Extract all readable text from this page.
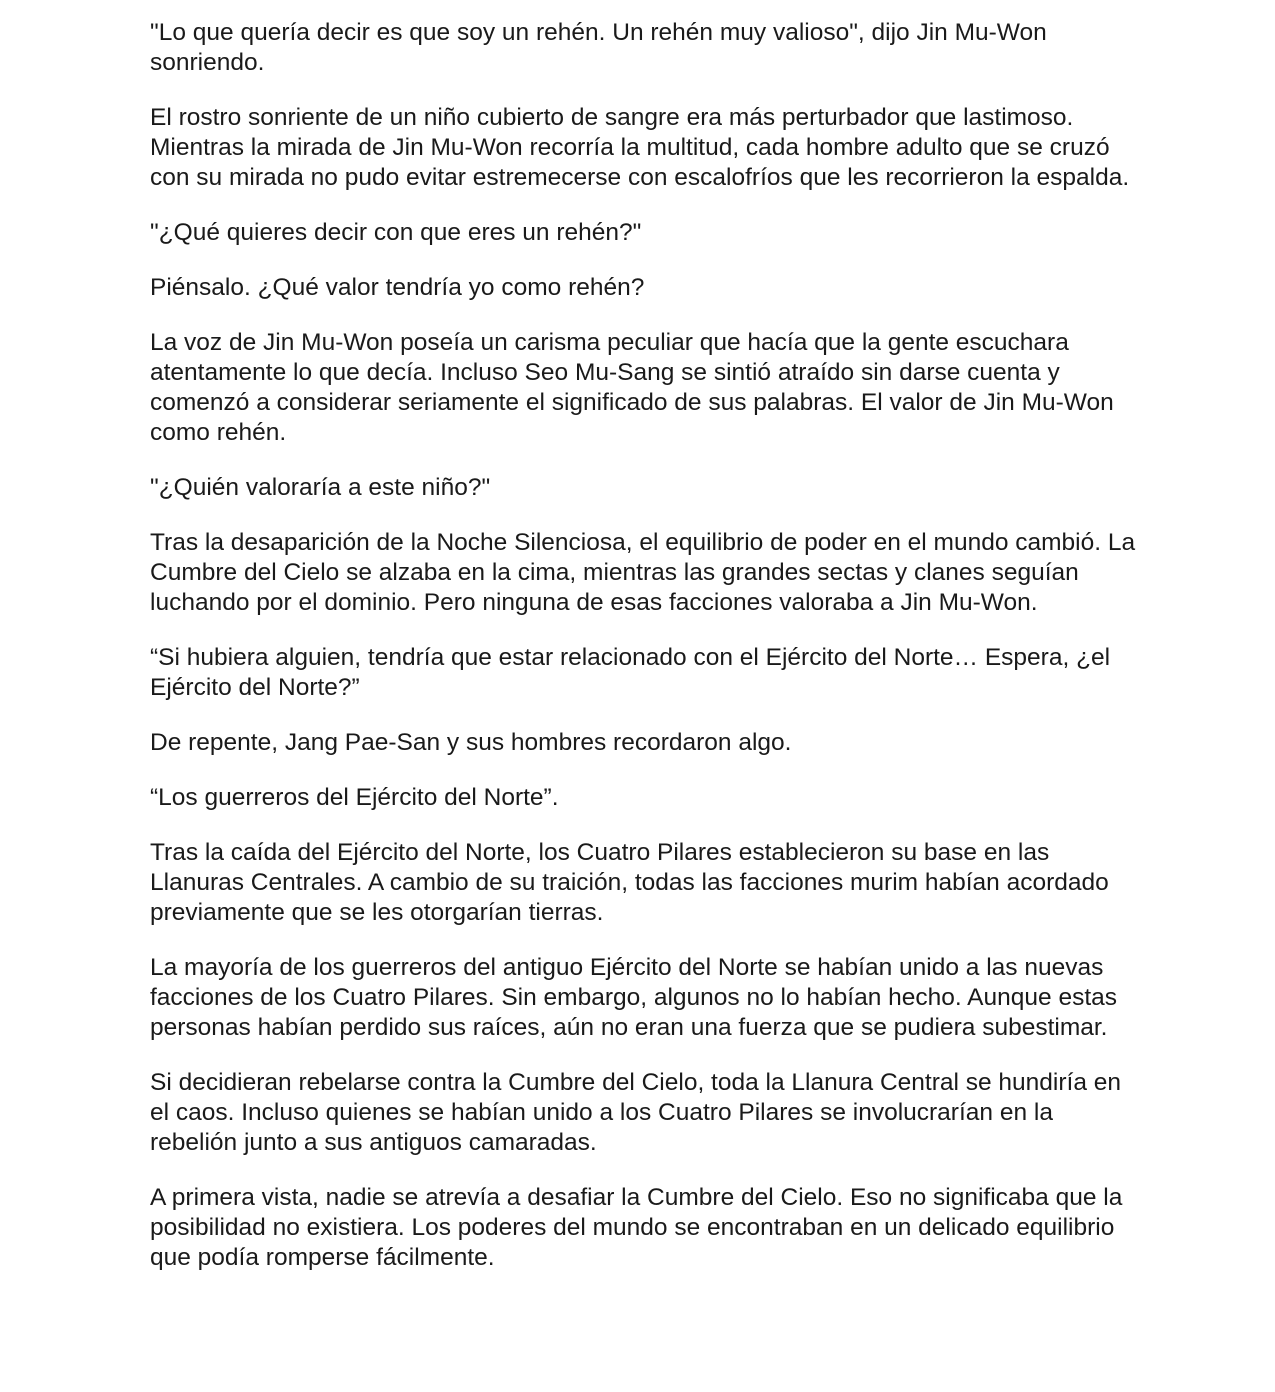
"Lo que quería decir es que soy un rehén. Un rehén muy valioso", dijo Jin Mu-Won sonriendo.

El rostro sonriente de un niño cubierto de sangre era más perturbador que lastimoso. Mientras la mirada de Jin Mu-Won recorría la multitud, cada hombre adulto que se cruzó con su mirada no pudo evitar estremecerse con escalofríos que les recorrieron la espalda.

"¿Qué quieres decir con que eres un rehén?"

Piénsalo. ¿Qué valor tendría yo como rehén?

La voz de Jin Mu-Won poseía un carisma peculiar que hacía que la gente escuchara atentamente lo que decía. Incluso Seo Mu-Sang se sintió atraído sin darse cuenta y comenzó a considerar seriamente el significado de sus palabras. El valor de Jin Mu-Won como rehén.

"¿Quién valoraría a este niño?"

Tras la desaparición de la Noche Silenciosa, el equilibrio de poder en el mundo cambió. La Cumbre del Cielo se alzaba en la cima, mientras las grandes sectas y clanes seguían luchando por el dominio. Pero ninguna de esas facciones valoraba a Jin Mu-Won.

“Si hubiera alguien, tendría que estar relacionado con el Ejército del Norte… Espera, ¿el Ejército del Norte?”

De repente, Jang Pae-San y sus hombres recordaron algo.

“Los guerreros del Ejército del Norte”.

Tras la caída del Ejército del Norte, los Cuatro Pilares establecieron su base en las Llanuras Centrales. A cambio de su traición, todas las facciones murim habían acordado previamente que se les otorgarían tierras.

La mayoría de los guerreros del antiguo Ejército del Norte se habían unido a las nuevas facciones de los Cuatro Pilares. Sin embargo, algunos no lo habían hecho. Aunque estas personas habían perdido sus raíces, aún no eran una fuerza que se pudiera subestimar.

Si decidieran rebelarse contra la Cumbre del Cielo, toda la Llanura Central se hundiría en el caos. Incluso quienes se habían unido a los Cuatro Pilares se involucrarían en la rebelión junto a sus antiguos camaradas.

A primera vista, nadie se atrevía a desafiar la Cumbre del Cielo. Eso no significaba que la posibilidad no existiera. Los poderes del mundo se encontraban en un delicado equilibrio que podía romperse fácilmente.
